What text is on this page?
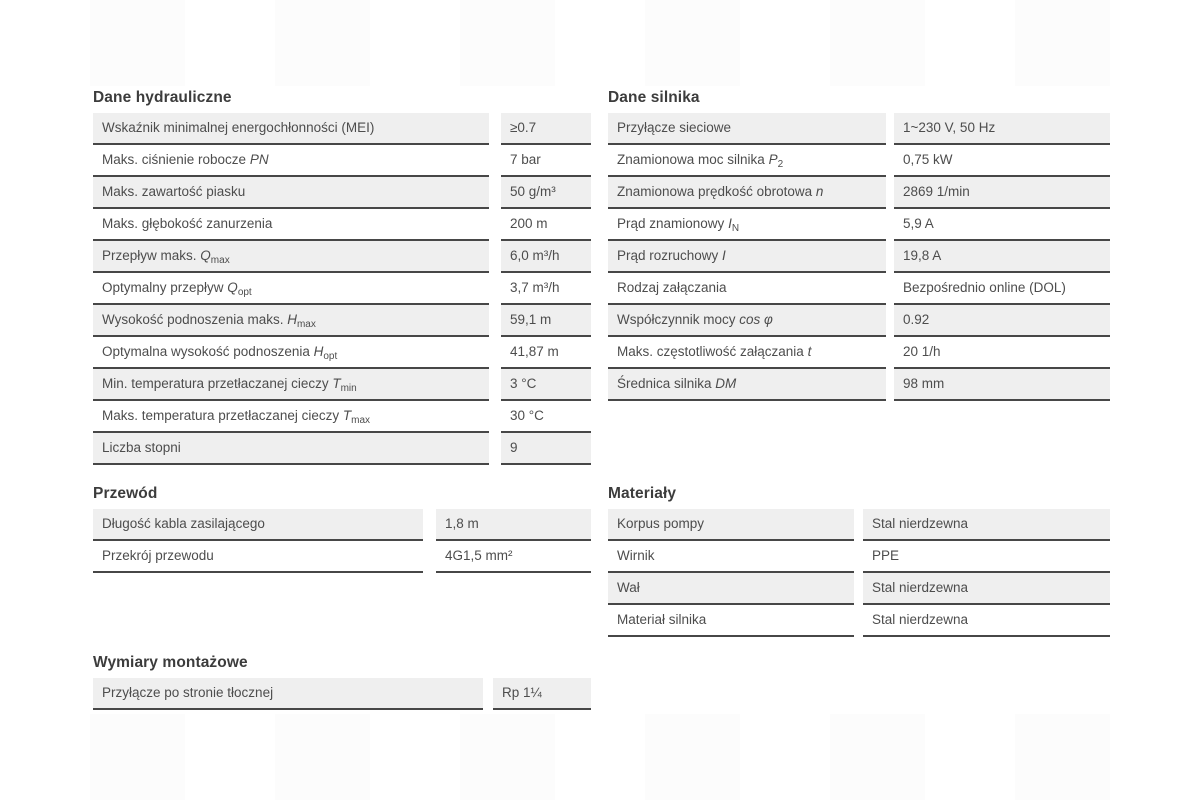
Dane hydrauliczne
Wskaźnik minimalnej energochłonności (MEI)	≥0.7
Maks. ciśnienie robocze PN	7 bar
Maks. zawartość piasku	50 g/m³
Maks. głębokość zanurzenia	200 m
Przepływ maks. $Q_{max}$	6,0 m³/h
Optymalny przepływ $Q_{opt}$	3,7 m³/h
Wysokość podnoszenia maks. $H_{max}$	59,1 m
Optymalna wysokość podnoszenia $H_{opt}$	41,87 m
Min. temperatura przetłaczanej cieczy $T_{min}$	3 °C
Maks. temperatura przetłaczanej cieczy $T_{max}$	30 °C
Liczba stopni	9
Dane silnika
Przyłącze sieciowe	1~230 V, 50 Hz
Znamionowa moc silnika $P_2$	0,75 kW
Znamionowa prędkość obrotowa n	2869 1/min
Prąd znamionowy $I_N$	5,9 A
Prąd rozruchowy I	19,8 A
Rodzaj załączania	Bezpośrednio online (DOL)
Współczynnik mocy cos φ	0.92
Maks. częstotliwość załączania t	20 1/h
Średnica silnika DM	98 mm
Przewód
Długość kabla zasilającego	1,8 m
Przekrój przewodu	4G1,5 mm²
Materiały
Korpus pompy	Stal nierdzewna
Wirnik	PPE
Wał	Stal nierdzewna
Materiał silnika	Stal nierdzewna
Wymiary montażowe
Przyłącze po stronie tłocznej	Rp 1¼
